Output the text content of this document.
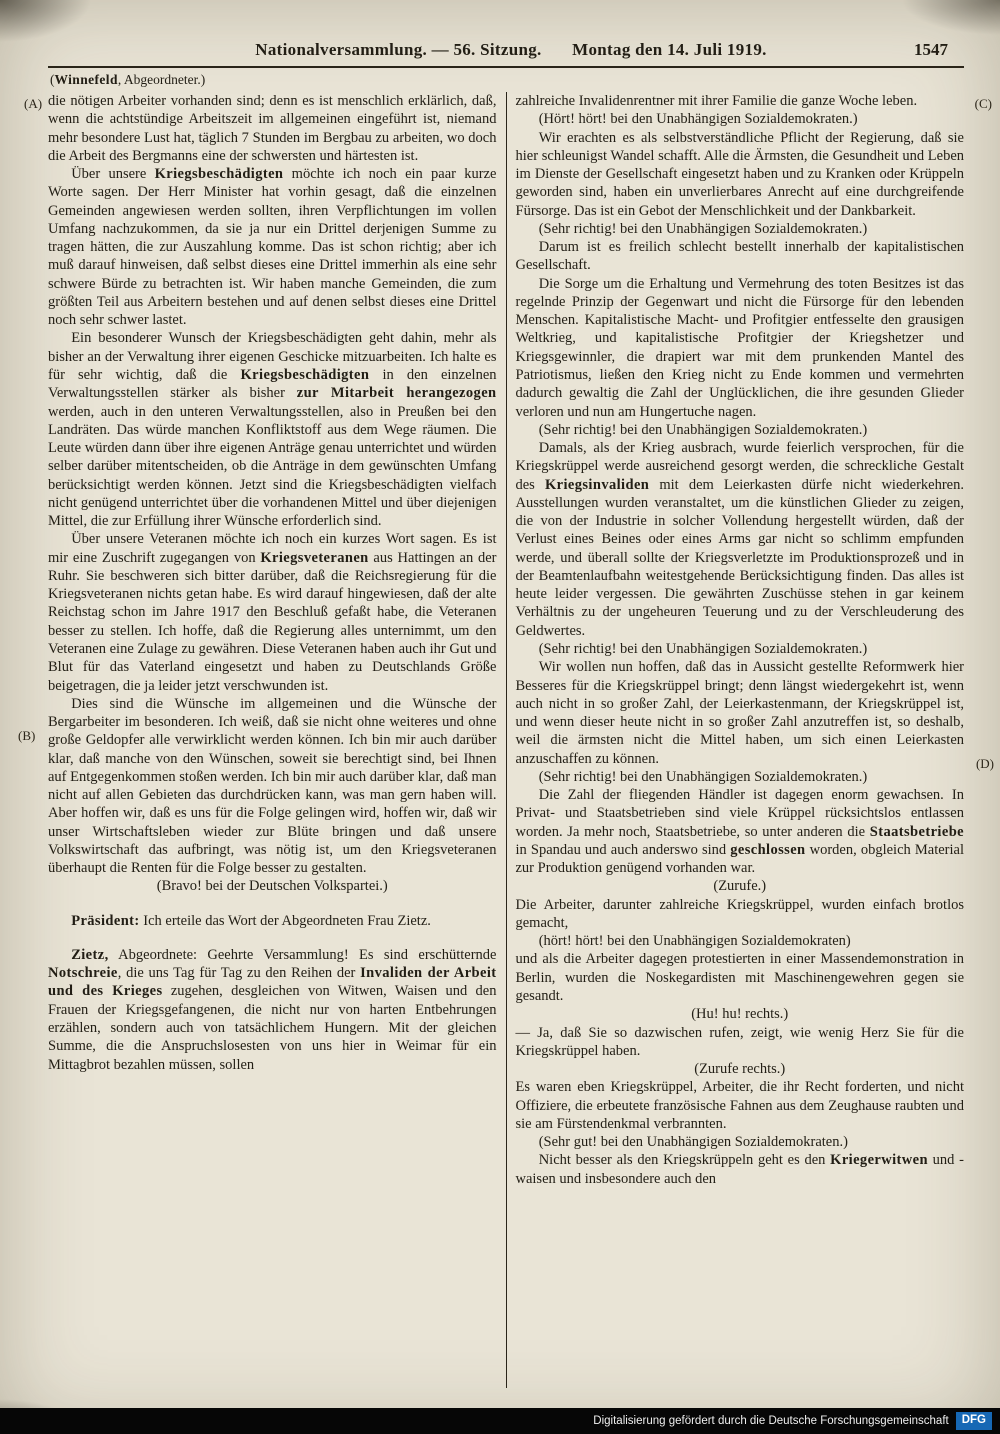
Nationalversammlung. — 56. Sitzung. Montag den 14. Juli 1919.	1547
(Winnefeld, Abgeordneter.)
(A)
(B)
(C)
(D)

die nötigen Arbeiter vorhanden sind; denn es ist menschlich erklärlich, daß, wenn die achtstündige Arbeitszeit im allgemeinen eingeführt ist, niemand mehr besondere Lust hat, täglich 7 Stunden im Bergbau zu arbeiten, wo doch die Arbeit des Bergmanns eine der schwersten und härtesten ist.

Über unsere Kriegsbeschädigten möchte ich noch ein paar kurze Worte sagen. Der Herr Minister hat vorhin gesagt, daß die einzelnen Gemeinden angewiesen werden sollten, ihren Verpflichtungen im vollen Umfang nachzukommen, da sie ja nur ein Drittel derjenigen Summe zu tragen hätten, die zur Auszahlung komme. Das ist schon richtig; aber ich muß darauf hinweisen, daß selbst dieses eine Drittel immerhin als eine sehr schwere Bürde zu betrachten ist. Wir haben manche Gemeinden, die zum größten Teil aus Arbeitern bestehen und auf denen selbst dieses eine Drittel noch sehr schwer lastet.

Ein besonderer Wunsch der Kriegsbeschädigten geht dahin, mehr als bisher an der Verwaltung ihrer eigenen Geschicke mitzuarbeiten. Ich halte es für sehr wichtig, daß die Kriegsbeschädigten in den einzelnen Verwaltungsstellen stärker als bisher zur Mitarbeit herangezogen werden, auch in den unteren Verwaltungsstellen, also in Preußen bei den Landräten. Das würde manchen Konfliktstoff aus dem Wege räumen. Die Leute würden dann über ihre eigenen Anträge genau unterrichtet und würden selber darüber mitentscheiden, ob die Anträge in dem gewünschten Umfang berücksichtigt werden können. Jetzt sind die Kriegsbeschädigten vielfach nicht genügend unterrichtet über die vorhandenen Mittel und über diejenigen Mittel, die zur Erfüllung ihrer Wünsche erforderlich sind.

Über unsere Veteranen möchte ich noch ein kurzes Wort sagen. Es ist mir eine Zuschrift zugegangen von Kriegsveteranen aus Hattingen an der Ruhr. Sie beschweren sich bitter darüber, daß die Reichsregierung für die Kriegsveteranen nichts getan habe. Es wird darauf hingewiesen, daß der alte Reichstag schon im Jahre 1917 den Beschluß gefaßt habe, die Veteranen besser zu stellen. Ich hoffe, daß die Regierung alles unternimmt, um den Veteranen eine Zulage zu gewähren. Diese Veteranen haben auch ihr Gut und Blut für das Vaterland eingesetzt und haben zu Deutschlands Größe beigetragen, die ja leider jetzt verschwunden ist.

Dies sind die Wünsche im allgemeinen und die Wünsche der Bergarbeiter im besonderen. Ich weiß, daß sie nicht ohne weiteres und ohne große Geldopfer alle verwirklicht werden können. Ich bin mir auch darüber klar, daß manche von den Wünschen, soweit sie berechtigt sind, bei Ihnen auf Entgegenkommen stoßen werden. Ich bin mir auch darüber klar, daß man nicht auf allen Gebieten das durchdrücken kann, was man gern haben will. Aber hoffen wir, daß es uns für die Folge gelingen wird, hoffen wir, daß wir unser Wirtschaftsleben wieder zur Blüte bringen und daß unsere Volkswirtschaft das aufbringt, was nötig ist, um den Kriegsveteranen überhaupt die Renten für die Folge besser zu gestalten.

(Bravo! bei der Deutschen Volkspartei.)

Präsident: Ich erteile das Wort der Abgeordneten Frau Zietz.

Zietz, Abgeordnete: Geehrte Versammlung! Es sind erschütternde Notschreie, die uns Tag für Tag zu den Reihen der Invaliden der Arbeit und des Krieges zugehen, desgleichen von Witwen, Waisen und den Frauen der Kriegsgefangenen, die nicht nur von harten Entbehrungen erzählen, sondern auch von tatsächlichem Hungern. Mit der gleichen Summe, die die Anspruchslosesten von uns hier in Weimar für ein Mittagbrot bezahlen müssen, sollen

zahlreiche Invalidenrentner mit ihrer Familie die ganze Woche leben.

(Hört! hört! bei den Unabhängigen Sozialdemokraten.)

Wir erachten es als selbstverständliche Pflicht der Regierung, daß sie hier schleunigst Wandel schafft. Alle die Ärmsten, die Gesundheit und Leben im Dienste der Gesellschaft eingesetzt haben und zu Kranken oder Krüppeln geworden sind, haben ein unverlierbares Anrecht auf eine durchgreifende Fürsorge. Das ist ein Gebot der Menschlichkeit und der Dankbarkeit.

(Sehr richtig! bei den Unabhängigen Sozialdemokraten.)

Darum ist es freilich schlecht bestellt innerhalb der kapitalistischen Gesellschaft.

Die Sorge um die Erhaltung und Vermehrung des toten Besitzes ist das regelnde Prinzip der Gegenwart und nicht die Fürsorge für den lebenden Menschen. Kapitalistische Macht- und Profitgier entfesselte den grausigen Weltkrieg, und kapitalistische Profitgier der Kriegshetzer und Kriegsgewinnler, die drapiert war mit dem prunkenden Mantel des Patriotismus, ließen den Krieg nicht zu Ende kommen und vermehrten dadurch gewaltig die Zahl der Unglücklichen, die ihre gesunden Glieder verloren und nun am Hungertuche nagen.

(Sehr richtig! bei den Unabhängigen Sozialdemokraten.)

Damals, als der Krieg ausbrach, wurde feierlich versprochen, für die Kriegskrüppel werde ausreichend gesorgt werden, die schreckliche Gestalt des Kriegsinvaliden mit dem Leierkasten dürfe nicht wiederkehren. Ausstellungen wurden veranstaltet, um die künstlichen Glieder zu zeigen, die von der Industrie in solcher Vollendung hergestellt würden, daß der Verlust eines Beines oder eines Arms gar nicht so schlimm empfunden werde, und überall sollte der Kriegsverletzte im Produktionsprozeß und in der Beamtenlaufbahn weitestgehende Berücksichtigung finden. Das alles ist heute leider vergessen. Die gewährten Zuschüsse stehen in gar keinem Verhältnis zu der ungeheuren Teuerung und zu der Verschleuderung des Geldwertes.

(Sehr richtig! bei den Unabhängigen Sozialdemokraten.)

Wir wollen nun hoffen, daß das in Aussicht gestellte Reformwerk hier Besseres für die Kriegskrüppel bringt; denn längst wiedergekehrt ist, wenn auch nicht in so großer Zahl, der Leierkastenmann, der Kriegskrüppel ist, und wenn dieser heute nicht in so großer Zahl anzutreffen ist, so deshalb, weil die ärmsten nicht die Mittel haben, um sich einen Leierkasten anzuschaffen zu können.

(Sehr richtig! bei den Unabhängigen Sozialdemokraten.)

Die Zahl der fliegenden Händler ist dagegen enorm gewachsen. In Privat- und Staatsbetrieben sind viele Krüppel rücksichtslos entlassen worden. Ja mehr noch, Staatsbetriebe, so unter anderen die Staatsbetriebe in Spandau und auch anderswo sind geschlossen worden, obgleich Material zur Produktion genügend vorhanden war.

(Zurufe.)

Die Arbeiter, darunter zahlreiche Kriegskrüppel, wurden einfach brotlos gemacht,

(hört! hört! bei den Unabhängigen Sozialdemokraten)

und als die Arbeiter dagegen protestierten in einer Massendemonstration in Berlin, wurden die Noskegardisten mit Maschinengewehren gegen sie gesandt.

(Hu! hu! rechts.)

— Ja, daß Sie so dazwischen rufen, zeigt, wie wenig Herz Sie für die Kriegskrüppel haben.

(Zurufe rechts.)

Es waren eben Kriegskrüppel, Arbeiter, die ihr Recht forderten, und nicht Offiziere, die erbeutete französische Fahnen aus dem Zeughause raubten und sie am Fürstendenkmal verbrannten.

(Sehr gut! bei den Unabhängigen Sozialdemokraten.)

Nicht besser als den Kriegskrüppeln geht es den Kriegerwitwen und -waisen und insbesondere auch den

Digitalisierung gefördert durch die Deutsche Forschungsgemeinschaft	DFG
